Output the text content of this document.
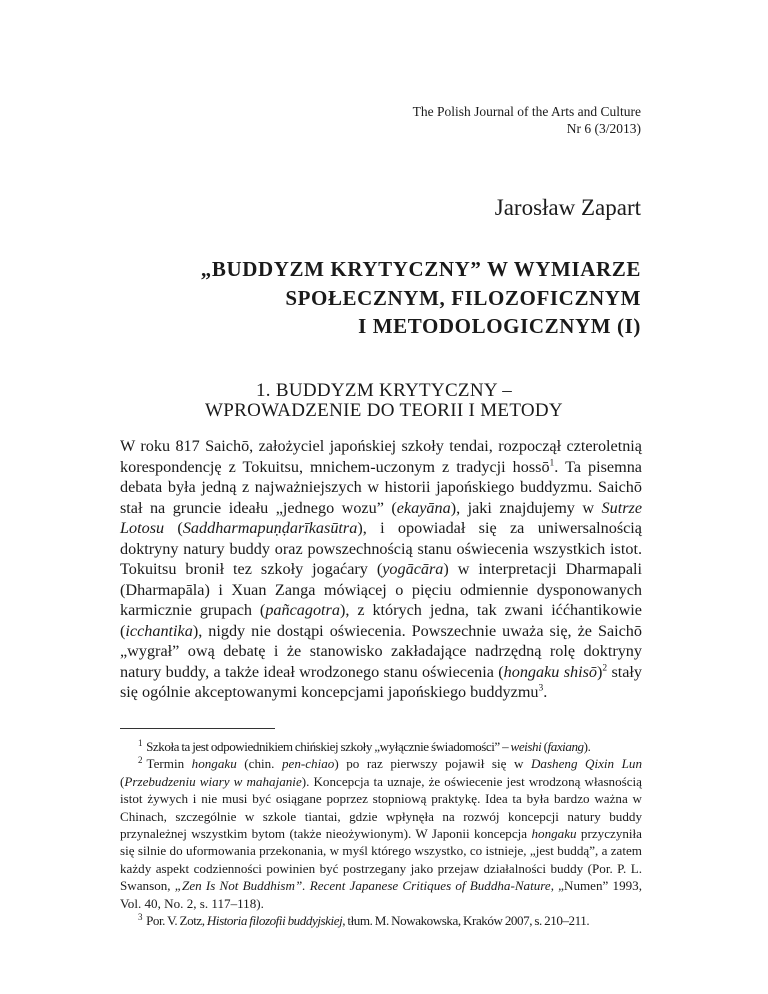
The Polish Journal of the Arts and Culture
Nr 6 (3/2013)
Jarosław Zapart
„BUDDYZM KRYTYCZNY” W WYMIARZE
SPOŁECZNYM, FILOZOFICZNYM
I METODOLOGICZNYM (I)
1. BUDDYZM KRYTYCZNY –
WPROWADZENIE DO TEORII I METODY

W roku 817 Saichō, założyciel japońskiej szkoły tendai, rozpoczął czteroletnią korespondencję z Tokuitsu, mnichem-uczonym z tradycji hossō$^1$. Ta pisemna debata była jedną z najważniejszych w historii japońskiego buddyzmu. Saichō stał na gruncie ideału „jednego wozu” (ekayāna), jaki znajdujemy w Sutrze Lotosu (Saddharmapuṇḍarīkasūtra), i opowiadał się za uniwersalnością doktryny natury buddy oraz powszechnością stanu oświecenia wszystkich istot. Tokuitsu bronił tez szkoły jogaćary (yogācāra) w interpretacji Dharmapali (Dharmapāla) i Xuan Zanga mówiącej o pięciu odmiennie dysponowanych karmicznie grupach (pañcagotra), z których jedna, tak zwani iććhantikowie (icchantika), nigdy nie dostąpi oświecenia. Powszechnie uważa się, że Saichō „wygrał” ową debatę i że stanowisko zakładające nadrzędną rolę doktryny natury buddy, a także ideał wrodzonego stanu oświecenia (hongaku shisō)$^2$ stały się ogólnie akceptowanymi koncepcjami japońskiego buddyzmu$^3$.

$^1$ Szkoła ta jest odpowiednikiem chińskiej szkoły „wyłącznie świadomości” – weishi (faxiang).

$^2$ Termin hongaku (chin. pen-chiao) po raz pierwszy pojawił się w Dasheng Qixin Lun (Przebudzeniu wiary w mahajanie). Koncepcja ta uznaje, że oświecenie jest wrodzoną własnością istot żywych i nie musi być osiągane poprzez stopniową praktykę. Idea ta była bardzo ważna w Chinach, szczególnie w szkole tiantai, gdzie wpłynęła na rozwój koncepcji natury buddy przynależnej wszystkim bytom (także nieożywionym). W Japonii koncepcja hongaku przyczyniła się silnie do uformowania przekonania, w myśl którego wszystko, co istnieje, „jest buddą”, a zatem każdy aspekt codzienności powinien być postrzegany jako przejaw działalności buddy (Por. P. L. Swanson, „Zen Is Not Buddhism”. Recent Japanese Critiques of Buddha-Nature, „Numen” 1993, Vol. 40, No. 2, s. 117–118).

$^3$ Por. V. Zotz, Historia filozofii buddyjskiej, tłum. M. Nowakowska, Kraków 2007, s. 210–211.
